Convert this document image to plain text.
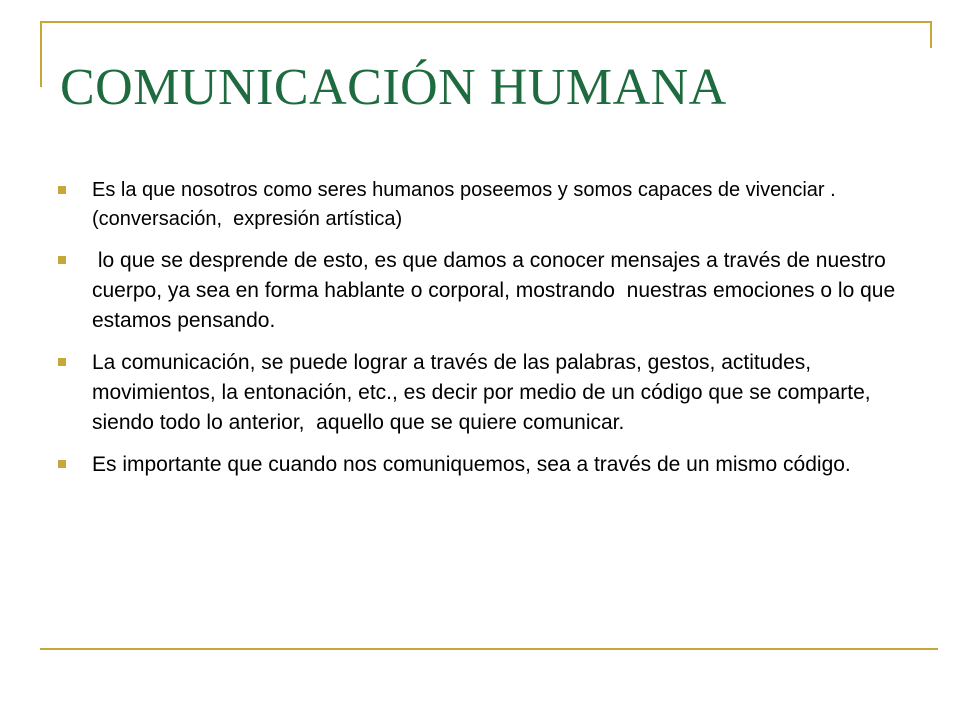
COMUNICACIÓN HUMANA
Es la que nosotros como seres humanos poseemos y somos capaces de vivenciar .(conversación,  expresión artística)
lo que se desprende de esto, es que damos a conocer mensajes a través de nuestro cuerpo, ya sea en forma hablante o corporal, mostrando  nuestras emociones o lo que estamos pensando.
La comunicación, se puede lograr a través de las palabras, gestos, actitudes, movimientos, la entonación, etc., es decir por medio de un código que se comparte, siendo todo lo anterior,  aquello que se quiere comunicar.
Es importante que cuando nos comuniquemos, sea a través de un mismo código.
